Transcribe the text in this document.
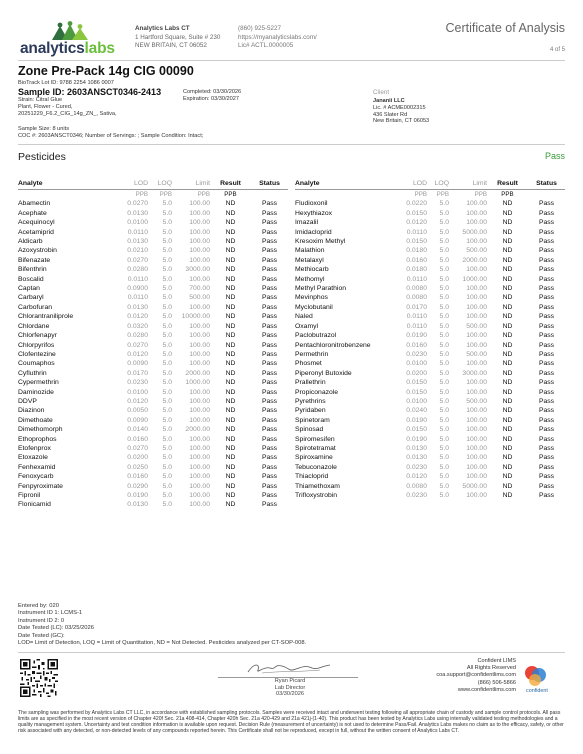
analyticslabs
Analytics Labs CT
1 Hartford Square, Suite # 230
NEW BRITAIN, CT 06052
(860) 925-5227
https://myanalyticslabs.com/
Lic# ACTL.0000005
Certificate of Analysis
4 of 5
Zone Pre-Pack 14g CIG 00090
BioTrack Lot ID: 9788 2254 1086 0007
Sample ID: 2603ANSCT0346-2413	Completed: 03/30/2026
Expiration: 03/30/2027
Strain: Citral Glue
Plant, Flower - Cured,
20251229_F6.2_CIG_14g_ZN_, Sativa,
Client
Jananii LLC
Lic. # ACME0002315
436 Slater Rd
New Britain, CT 06053
Sample Size: 8 units
COC #: 2603ANSCT0346; Number of Servings: ; Sample Condition: Intact;
Pesticides	Pass
Analyte	LOD	LOQ	Limit	Result	Status
	PPB	PPB	PPB	PPB	
Abamectin	0.0270	5.0	100.00	ND	Pass
Acephate	0.0130	5.0	100.00	ND	Pass
Acequinocyl	0.0100	5.0	100.00	ND	Pass
Acetamiprid	0.0110	5.0	100.00	ND	Pass
Aldicarb	0.0130	5.0	100.00	ND	Pass
Azoxystrobin	0.0210	5.0	100.00	ND	Pass
Bifenazate	0.0270	5.0	100.00	ND	Pass
Bifenthrin	0.0280	5.0	3000.00	ND	Pass
Boscalid	0.0110	5.0	100.00	ND	Pass
Captan	0.0900	5.0	700.00	ND	Pass
Carbaryl	0.0110	5.0	500.00	ND	Pass
Carbofuran	0.0130	5.0	100.00	ND	Pass
Chlorantraniliprole	0.0120	5.0	10000.00	ND	Pass
Chlordane	0.0320	5.0	100.00	ND	Pass
Chlorfenapyr	0.0280	5.0	100.00	ND	Pass
Chlorpyrifos	0.0270	5.0	100.00	ND	Pass
Clofentezine	0.0120	5.0	100.00	ND	Pass
Coumaphos	0.0090	5.0	100.00	ND	Pass
Cyfluthrin	0.0170	5.0	2000.00	ND	Pass
Cypermethrin	0.0230	5.0	1000.00	ND	Pass
Daminozide	0.0100	5.0	100.00	ND	Pass
DDVP	0.0120	5.0	100.00	ND	Pass
Diazinon	0.0050	5.0	100.00	ND	Pass
Dimethoate	0.0090	5.0	100.00	ND	Pass
Dimethomorph	0.0140	5.0	2000.00	ND	Pass
Ethoprophos	0.0160	5.0	100.00	ND	Pass
Etofenprox	0.0270	5.0	100.00	ND	Pass
Etoxazole	0.0200	5.0	100.00	ND	Pass
Fenhexamid	0.0250	5.0	100.00	ND	Pass
Fenoxycarb	0.0160	5.0	100.00	ND	Pass
Fenpyroximate	0.0290	5.0	100.00	ND	Pass
Fipronil	0.0190	5.0	100.00	ND	Pass
Flonicamid	0.0130	5.0	100.00	ND	Pass
Analyte	LOD	LOQ	Limit	Result	Status
	PPB	PPB	PPB	PPB	
Fludioxonil	0.0220	5.0	100.00	ND	Pass
Hexythiazox	0.0150	5.0	100.00	ND	Pass
Imazalil	0.0120	5.0	100.00	ND	Pass
Imidacloprid	0.0110	5.0	5000.00	ND	Pass
Kresoxim Methyl	0.0150	5.0	100.00	ND	Pass
Malathion	0.0180	5.0	500.00	ND	Pass
Metalaxyl	0.0160	5.0	2000.00	ND	Pass
Methiocarb	0.0180	5.0	100.00	ND	Pass
Methomyl	0.0110	5.0	1000.00	ND	Pass
Methyl Parathion	0.0080	5.0	100.00	ND	Pass
Mevinphos	0.0080	5.0	100.00	ND	Pass
Myclobutanil	0.0170	5.0	100.00	ND	Pass
Naled	0.0110	5.0	100.00	ND	Pass
Oxamyl	0.0110	5.0	500.00	ND	Pass
Paclobutrazol	0.0190	5.0	100.00	ND	Pass
Pentachloronitrobenzene	0.0160	5.0	100.00	ND	Pass
Permethrin	0.0230	5.0	500.00	ND	Pass
Phosmet	0.0100	5.0	100.00	ND	Pass
Piperonyl Butoxide	0.0200	5.0	3000.00	ND	Pass
Prallethrin	0.0150	5.0	100.00	ND	Pass
Propiconazole	0.0150	5.0	100.00	ND	Pass
Pyrethrins	0.0100	5.0	500.00	ND	Pass
Pyridaben	0.0240	5.0	100.00	ND	Pass
Spinetoram	0.0190	5.0	100.00	ND	Pass
Spinosad	0.0150	5.0	100.00	ND	Pass
Spiromesifen	0.0190	5.0	100.00	ND	Pass
Spirotetramat	0.0130	5.0	100.00	ND	Pass
Spiroxamine	0.0130	5.0	100.00	ND	Pass
Tebuconazole	0.0230	5.0	100.00	ND	Pass
Thiacloprid	0.0120	5.0	100.00	ND	Pass
Thiamethoxam	0.0080	5.0	5000.00	ND	Pass
Trifloxystrobin	0.0230	5.0	100.00	ND	Pass
Entered by: 020
Instrument ID 1: LCMS-1
Instrument ID 2: 0
Date Tested (LC): 03/25/2026
Date Tested (GC):
LOD= Limit of Detection, LOQ = Limit of Quantitation, ND = Not Detected. Pesticides analyzed per CT-SOP-008.
Ryan Picard
Lab Director
03/30/2026
Confident LIMS
All Rights Reserved
coa.support@confidentlims.com
(866) 506-5866
www.confidentlims.com	confident
The sampling was performed by Analytics Labs CT LLC, in accordance with established sampling protocols. Samples were received intact and underwent testing following all appropriate chain of custody and sample control protocols. All pass limits are as specified in the most recent version of Chapter 420f Sec. 21a 408-414, Chapter 420h Sec. 21a 420-429 and 21a 421j-(1-40). This product has been tested by Analytics Labs using internally validated testing methodologies and a quality management system. Uncertainty and test condition information is available upon request. Decision Rule (measurement of uncertainty) is not used to determine Pass/Fail. Analytics Labs makes no claim as to the efficacy, safety, or other risk associated with any detected, or non-detected levels of any compounds reported herein. This Certificate shall not be reproduced, except in full, without the written consent of Analytics Labs CT.
